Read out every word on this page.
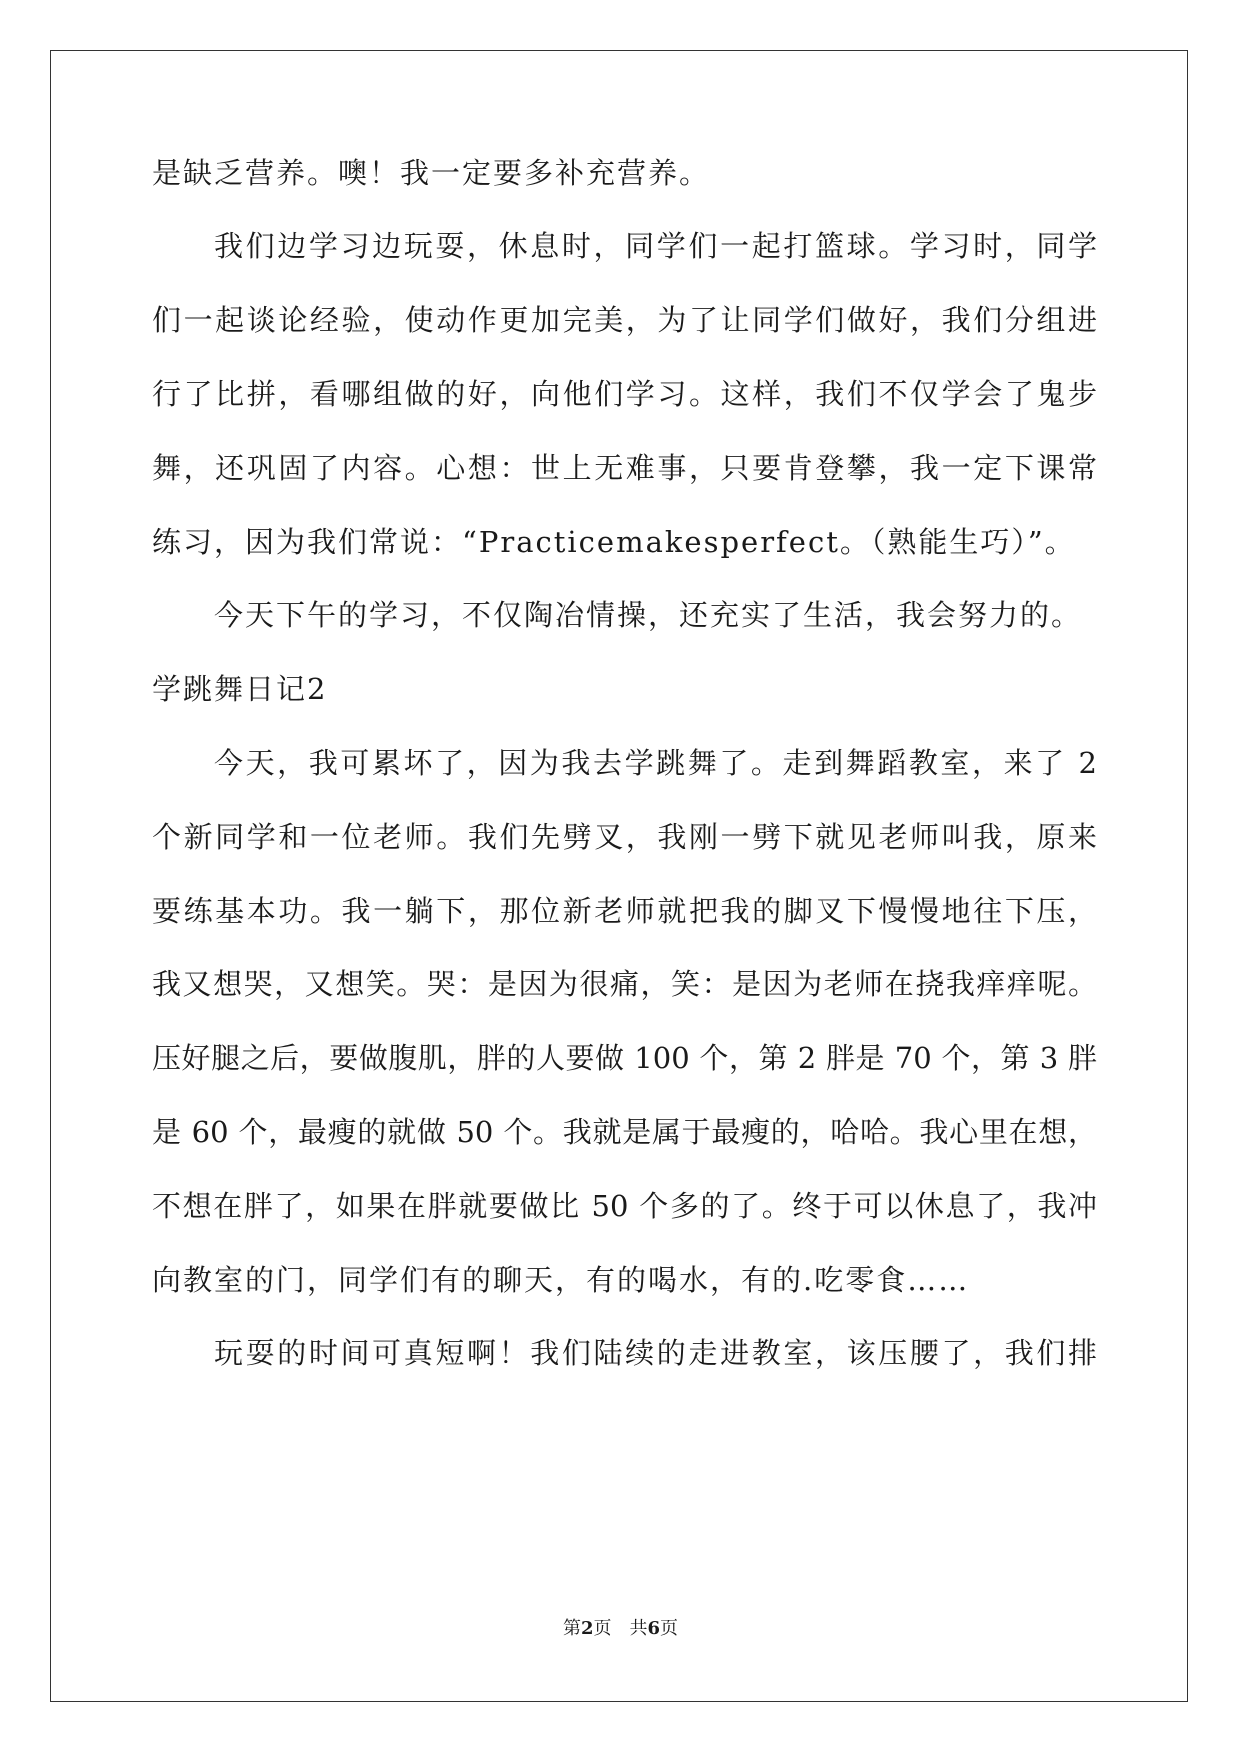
是缺乏营养。噢！我一定要多补充营养。
我们边学习边玩耍，休息时，同学们一起打篮球。学习时，同学
们一起谈论经验，使动作更加完美，为了让同学们做好，我们分组进
行了比拼，看哪组做的好，向他们学习。这样，我们不仅学会了鬼步
舞，还巩固了内容。心想：世上无难事，只要肯登攀，我一定下课常
练习，因为我们常说：“Practicemakesperfect。（熟能生巧）”。
今天下午的学习，不仅陶冶情操，还充实了生活，我会努力的。
学跳舞日记2
今天，我可累坏了，因为我去学跳舞了。走到舞蹈教室，来了 2
个新同学和一位老师。我们先劈叉，我刚一劈下就见老师叫我，原来
要练基本功。我一躺下，那位新老师就把我的脚叉下慢慢地往下压，
我又想哭，又想笑。哭：是因为很痛，笑：是因为老师在挠我痒痒呢。
压好腿之后，要做腹肌，胖的人要做 100 个，第 2 胖是 70 个，第 3 胖
是 60 个，最瘦的就做 50 个。我就是属于最瘦的，哈哈。我心里在想，
不想在胖了，如果在胖就要做比 50 个多的了。终于可以休息了，我冲
向教室的门，同学们有的聊天，有的喝水，有的.吃零食……
玩耍的时间可真短啊！我们陆续的走进教室，该压腰了，我们排
第2页　共6页
